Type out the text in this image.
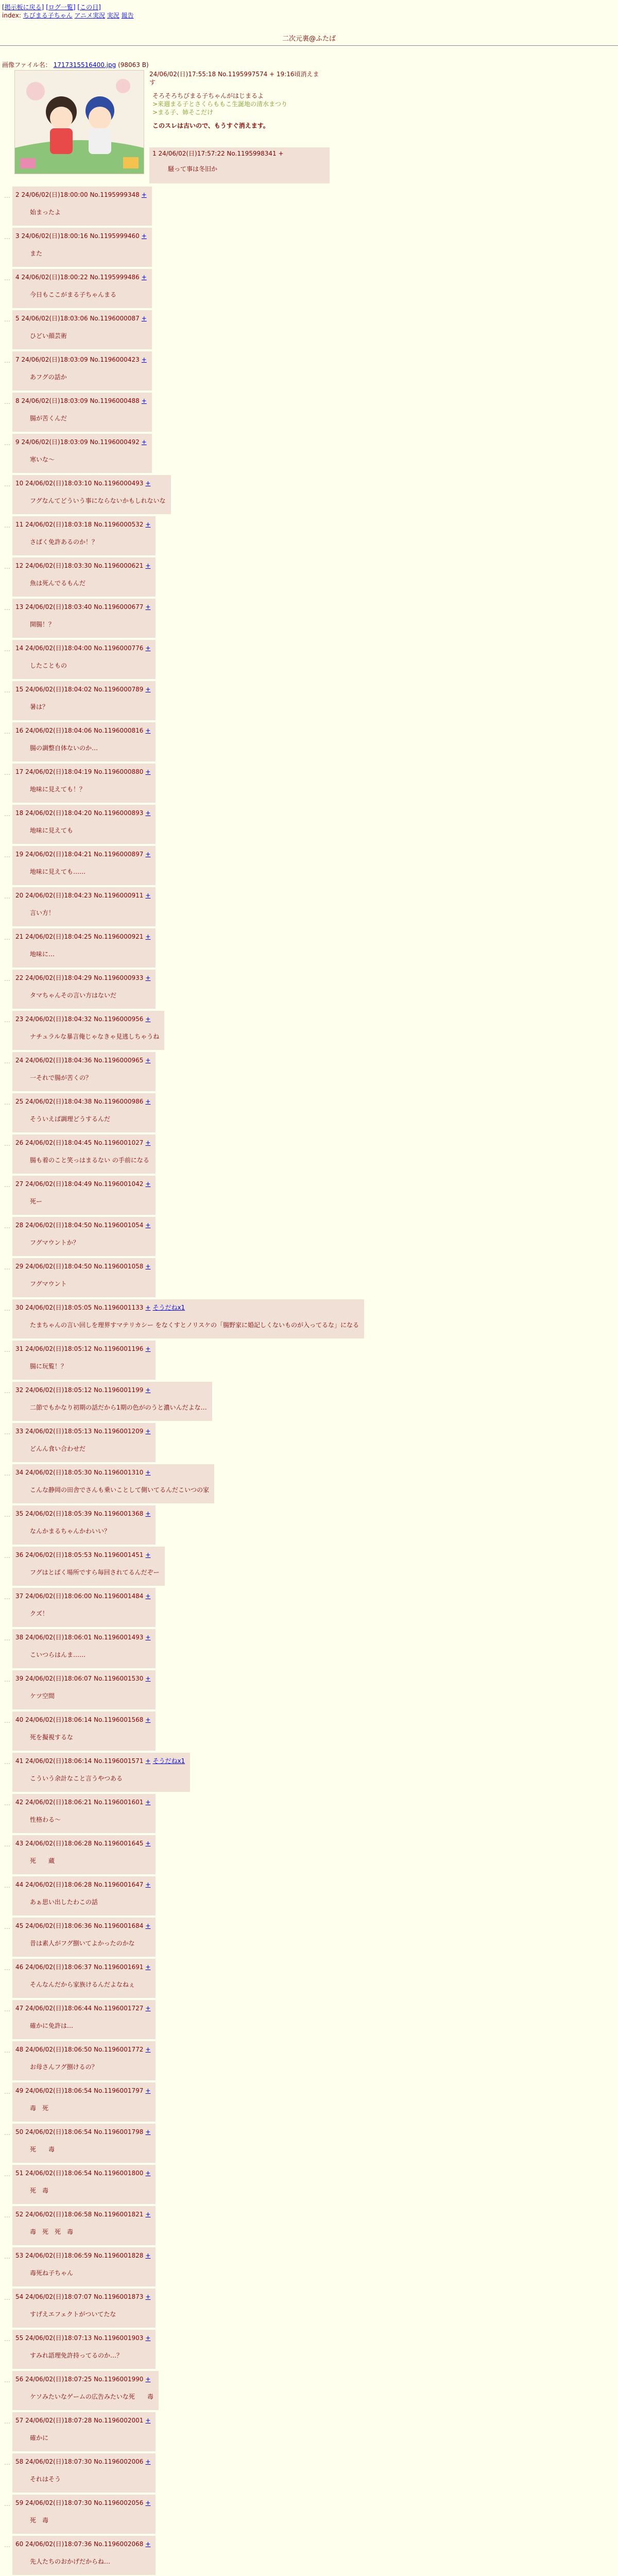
[掲示板に戻る] [ログ一覧] [この日]
index: ちびまる子ちゃん アニメ実況 実況 報告
二次元裏@ふたば
画像ファイル名： 1717315516400.jpg (98063 B)
24/06/02(日)17:55:18 No.1195997574 + 19:16頃消えます
そろそろちびまる子ちゃんがはじまるよ
>来週まる子とさくらももこ生誕地の清水まつり
>まる子、姉そこだけ
このスレは古いので、もうすぐ消えます。
1 24/06/02(日)17:57:22 No.1195998341 +
騒って事は冬旧か
… 2 24/06/02(日)18:00:00 No.1195999348 +
始まったよ
… 3 24/06/02(日)18:00:16 No.1195999460 +
また
… 4 24/06/02(日)18:00:22 No.1195999486 +
今日もここがまる子ちゃんまる
… 5 24/06/02(日)18:03:06 No.1196000087 +
ひどい顔芸術
… 7 24/06/02(日)18:03:09 No.1196000423 +
あフグの話か
… 8 24/06/02(日)18:03:09 No.1196000488 +
腸が苦くんだ
… 9 24/06/02(日)18:03:09 No.1196000492 +
寒いな〜
… 10 24/06/02(日)18:03:10 No.1196000493 +
フグなんてどういう事にならないかもしれないな
… 11 24/06/02(日)18:03:18 No.1196000532 +
さばく免許あるのか！？
… 12 24/06/02(日)18:03:30 No.1196000621 +
魚は死んでるもんだ
… 13 24/06/02(日)18:03:40 No.1196000677 +
開腸！？
… 14 24/06/02(日)18:04:00 No.1196000776 +
したこともの
… 15 24/06/02(日)18:04:02 No.1196000789 +
暑は？
… 16 24/06/02(日)18:04:06 No.1196000816 +
腸の調整自体ないのか…
… 17 24/06/02(日)18:04:19 No.1196000880 +
地味に見えても！？
… 18 24/06/02(日)18:04:20 No.1196000893 +
地味に見えても
… 19 24/06/02(日)18:04:21 No.1196000897 +
地味に見えても……
… 20 24/06/02(日)18:04:23 No.1196000911 +
言い方！
… 21 24/06/02(日)18:04:25 No.1196000921 +
地味に…
… 22 24/06/02(日)18:04:29 No.1196000933 +
タマちゃんその言い方はないだ
… 23 24/06/02(日)18:04:32 No.1196000956 +
ナチュラルな暴言俺じゃなきゃ見逃しちゃうね
… 24 24/06/02(日)18:04:36 No.1196000965 +
一それで腸が苦くの？
… 25 24/06/02(日)18:04:38 No.1196000986 +
そういえば調理どうするんだ
… 26 24/06/02(日)18:04:45 No.1196001027 +
腸も着のこと笑っはまるない の手前になる
… 27 24/06/02(日)18:04:49 No.1196001042 +
死ー
… 28 24/06/02(日)18:04:50 No.1196001054 +
フグマウントか？
… 29 24/06/02(日)18:04:50 No.1196001058 +
フグマウント
… 30 24/06/02(日)18:05:05 No.1196001133 + そうだねx1
たまちゃんの言い回しを理界すマテリカシー をなくすとノリスケの「腸野家に婚記しくないものが入ってるな」になる
… 31 24/06/02(日)18:05:12 No.1196001196 +
腸に玩覧！？
… 32 24/06/02(日)18:05:12 No.1196001199 +
二節でもかなり初期の話だから1期の色がのうと濃いんだよな…
… 33 24/06/02(日)18:05:13 No.1196001209 +
どんん食い合わせだ
… 34 24/06/02(日)18:05:30 No.1196001310 +
こんな静岡の田舎でさんも乗いことして側いてるんだこいつの家
… 35 24/06/02(日)18:05:39 No.1196001368 +
なんかまるちゃんかわいい？
… 36 24/06/02(日)18:05:53 No.1196001451 +
フグはとばく場所ですら毎回されてるんだぞー
… 37 24/06/02(日)18:06:00 No.1196001484 +
クズ！
… 38 24/06/02(日)18:06:01 No.1196001493 +
こいつらはんま……
… 39 24/06/02(日)18:06:07 No.1196001530 +
ケツ空間
… 40 24/06/02(日)18:06:14 No.1196001568 +
死を擬視するな
… 41 24/06/02(日)18:06:14 No.1196001571 + そうだねx1
こういう余計なこと言うやつある
… 42 24/06/02(日)18:06:21 No.1196001601 +
性格わる〜
… 43 24/06/02(日)18:06:28 No.1196001645 +
死　　蔵
… 44 24/06/02(日)18:06:28 No.1196001647 +
あぁ思い出したわこの話
… 45 24/06/02(日)18:06:36 No.1196001684 +
昔は素人がフグ捌いてよかったのかな
… 46 24/06/02(日)18:06:37 No.1196001691 +
そんなんだから家族けるんだよなねぇ
… 47 24/06/02(日)18:06:44 No.1196001727 +
確かに免許は…
… 48 24/06/02(日)18:06:50 No.1196001772 +
お母さんフグ捌けるの？
… 49 24/06/02(日)18:06:54 No.1196001797 +
毒　死
… 50 24/06/02(日)18:06:54 No.1196001798 +
死　　毒
… 51 24/06/02(日)18:06:54 No.1196001800 +
死　毒
… 52 24/06/02(日)18:06:58 No.1196001821 +
毒　死　死　毒
… 53 24/06/02(日)18:06:59 No.1196001828 +
毒死ね子ちゃん
… 54 24/06/02(日)18:07:07 No.1196001873 +
すげえエフェクトがついてたな
… 55 24/06/02(日)18:07:13 No.1196001903 +
すみれ語理免許持ってるのか…？
… 56 24/06/02(日)18:07:25 No.1196001990 +
ケソみたいなゲームの広告みたいな死　　毒
… 57 24/06/02(日)18:07:28 No.1196002001 +
確かに
… 58 24/06/02(日)18:07:30 No.1196002006 +
それはそう
… 59 24/06/02(日)18:07:30 No.1196002056 +
死　毒
… 60 24/06/02(日)18:07:36 No.1196002068 +
先人たちのおかげだからね…
